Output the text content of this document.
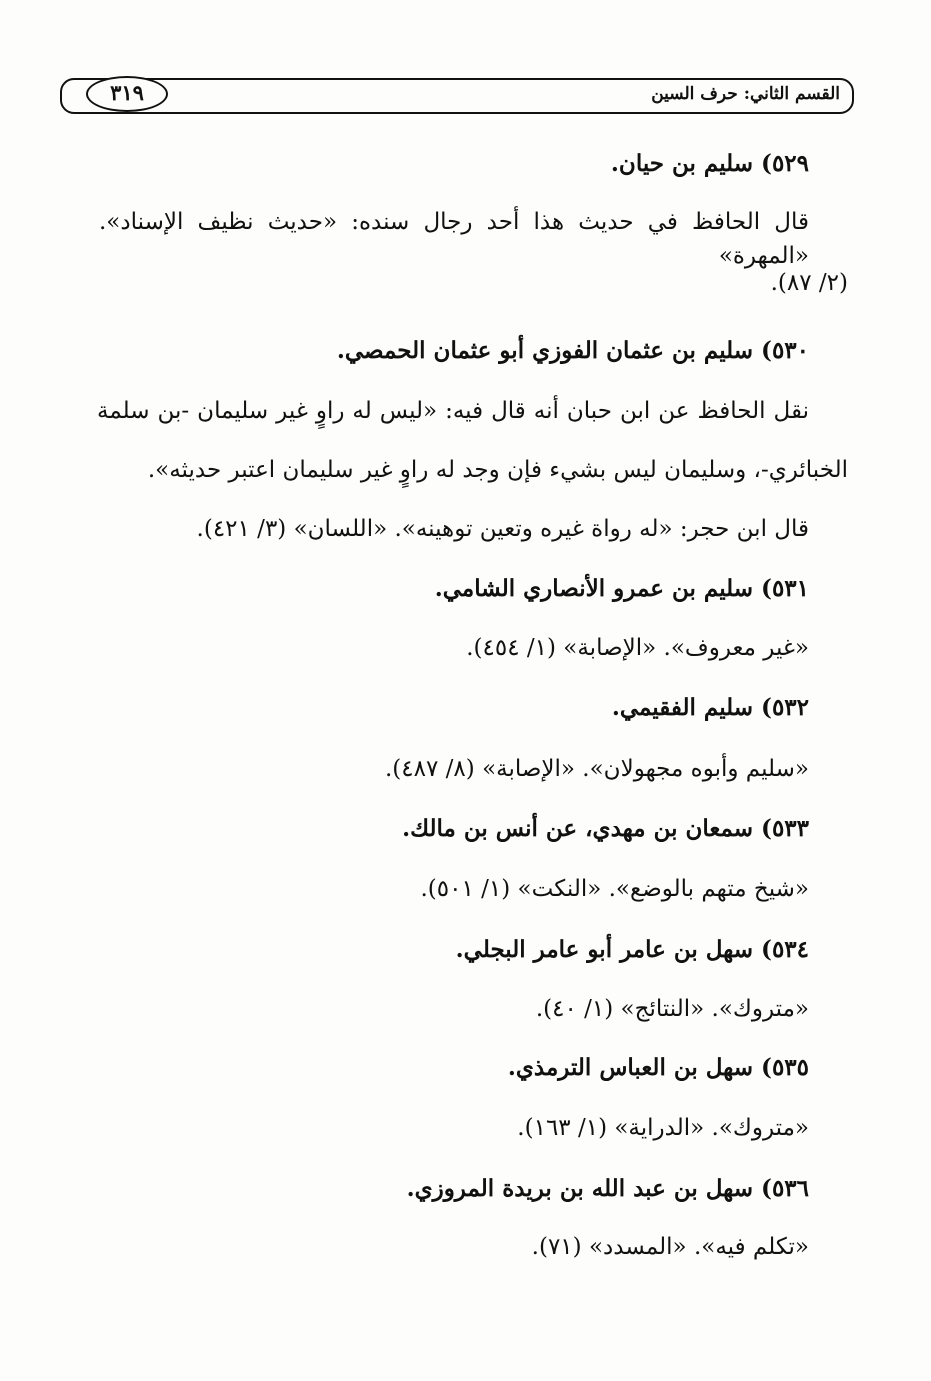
القسم الثاني: حرف السين
٣١٩
٥٢٩) سليم بن حيان.
قال الحافظ في حديث هذا أحد رجال سنده: «حديث نظيف الإسناد». «المهرة»
(٢/ ٨٧).
٥٣٠) سليم بن عثمان الفوزي أبو عثمان الحمصي.
نقل الحافظ عن ابن حبان أنه قال فيه: «ليس له راوٍ غير سليمان -بن سلمة
الخبائري-، وسليمان ليس بشيء فإن وجد له راوٍ غير سليمان اعتبر حديثه».
قال ابن حجر: «له رواة غيره وتعين توهينه». «اللسان» (٣/ ٤٢١).
٥٣١) سليم بن عمرو الأنصاري الشامي.
«غير معروف». «الإصابة» (١/ ٤٥٤).
٥٣٢) سليم الفقيمي.
«سليم وأبوه مجهولان». «الإصابة» (٨/ ٤٨٧).
٥٣٣) سمعان بن مهدي، عن أنس بن مالك.
«شيخ متهم بالوضع». «النكت» (١/ ٥٠١).
٥٣٤) سهل بن عامر أبو عامر البجلي.
«متروك». «النتائج» (١/ ٤٠).
٥٣٥) سهل بن العباس الترمذي.
«متروك». «الدراية» (١/ ١٦٣).
٥٣٦) سهل بن عبد الله بن بريدة المروزي.
«تكلم فيه». «المسدد» (٧١).
